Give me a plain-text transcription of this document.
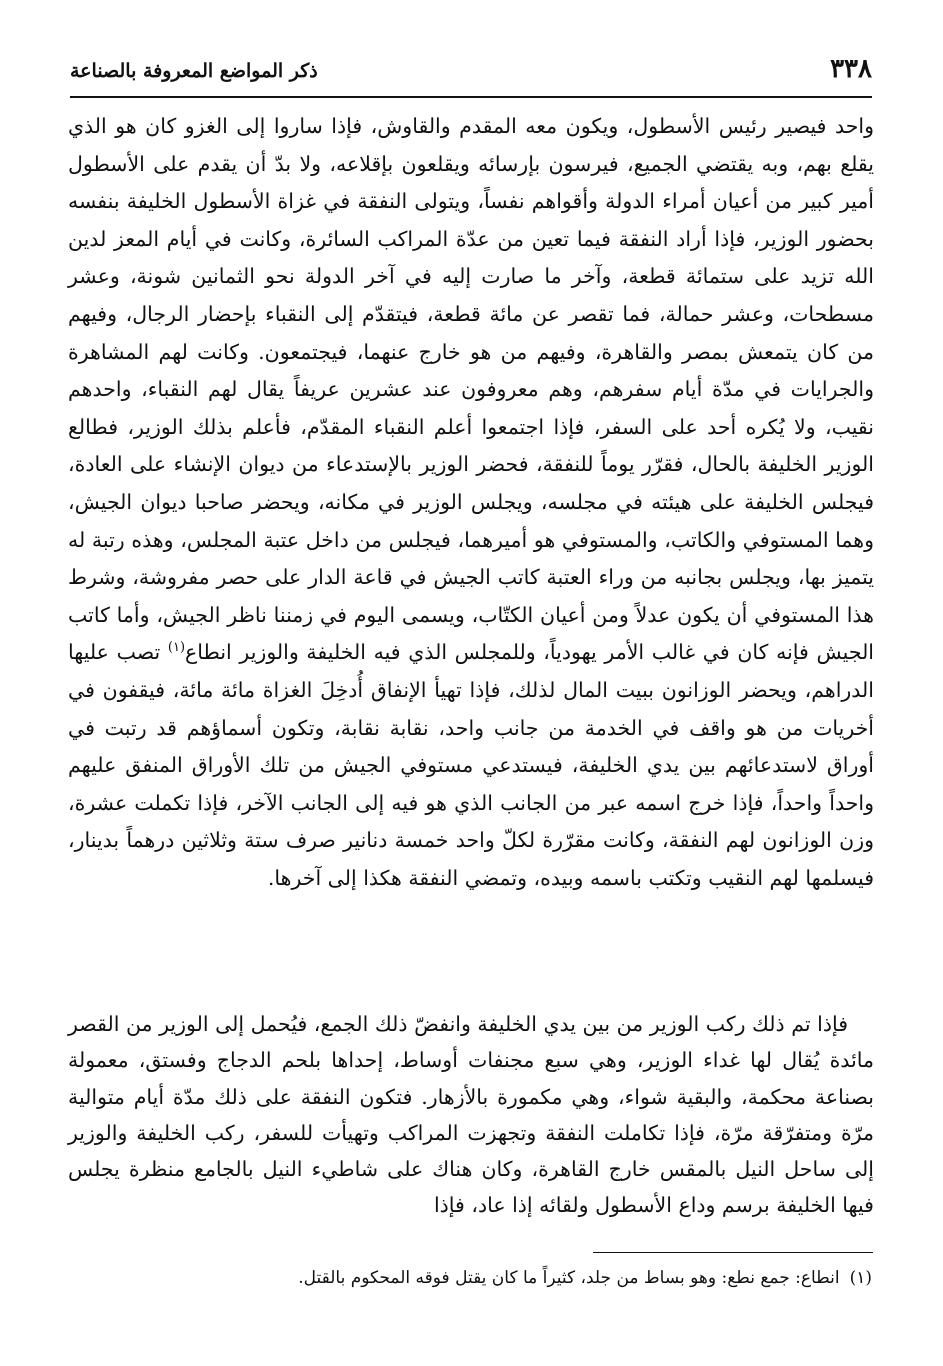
٣٣٨
ذكر المواضع المعروفة بالصناعة

واحد فيصير رئيس الأسطول، ويكون معه المقدم والقاوش، فإذا ساروا إلى الغزو كان هو الذي يقلع بهم، وبه يقتضي الجميع، فيرسون بإرسائه ويقلعون بإقلاعه، ولا بدّ أن يقدم على الأسطول أمير كبير من أعيان أمراء الدولة وأقواهم نفساً، ويتولى النفقة في غزاة الأسطول الخليفة بنفسه بحضور الوزير، فإذا أراد النفقة فيما تعين من عدّة المراكب السائرة، وكانت في أيام المعز لدين الله تزيد على ستمائة قطعة، وآخر ما صارت إليه في آخر الدولة نحو الثمانين شونة، وعشر مسطحات، وعشر حمالة، فما تقصر عن مائة قطعة، فيتقدّم إلى النقباء بإحضار الرجال، وفيهم من كان يتمعش بمصر والقاهرة، وفيهم من هو خارج عنهما، فيجتمعون. وكانت لهم المشاهرة والجرايات في مدّة أيام سفرهم، وهم معروفون عند عشرين عريفاً يقال لهم النقباء، واحدهم نقيب، ولا يُكره أحد على السفر، فإذا اجتمعوا أعلم النقباء المقدّم، فأعلم بذلك الوزير، فطالع الوزير الخليفة بالحال، فقرّر يوماً للنفقة، فحضر الوزير بالإستدعاء من ديوان الإنشاء على العادة، فيجلس الخليفة على هيئته في مجلسه، ويجلس الوزير في مكانه، ويحضر صاحبا ديوان الجيش، وهما المستوفي والكاتب، والمستوفي هو أميرهما، فيجلس من داخل عتبة المجلس، وهذه رتبة له يتميز بها، ويجلس بجانبه من وراء العتبة كاتب الجيش في قاعة الدار على حصر مفروشة، وشرط هذا المستوفي أن يكون عدلاً ومن أعيان الكتّاب، ويسمى اليوم في زمننا ناظر الجيش، وأما كاتب الجيش فإنه كان في غالب الأمر يهودياً، وللمجلس الذي فيه الخليفة والوزير انطاع$^{(١)}$ تصب عليها الدراهم، ويحضر الوزانون ببيت المال لذلك، فإذا تهيأ الإنفاق أُدخِلَ الغزاة مائة مائة، فيقفون في أخريات من هو واقف في الخدمة من جانب واحد، نقابة نقابة، وتكون أسماؤهم قد رتبت في أوراق لاستدعائهم بين يدي الخليفة، فيستدعي مستوفي الجيش من تلك الأوراق المنفق عليهم واحداً واحداً، فإذا خرج اسمه عبر من الجانب الذي هو فيه إلى الجانب الآخر، فإذا تكملت عشرة، وزن الوزانون لهم النفقة، وكانت مقرّرة لكلّ واحد خمسة دنانير صرف ستة وثلاثين درهماً بدينار، فيسلمها لهم النقيب وتكتب باسمه وبيده، وتمضي النفقة هكذا إلى آخرها.

فإذا تم ذلك ركب الوزير من بين يدي الخليفة وانفضّ ذلك الجمع، فيُحمل إلى الوزير من القصر مائدة يُقال لها غداء الوزير، وهي سبع مجنفات أوساط، إحداها بلحم الدجاج وفستق، معمولة بصناعة محكمة، والبقية شواء، وهي مكمورة بالأزهار. فتكون النفقة على ذلك مدّة أيام متوالية مرّة ومتفرّقة مرّة، فإذا تكاملت النفقة وتجهزت المراكب وتهيأت للسفر، ركب الخليفة والوزير إلى ساحل النيل بالمقس خارج القاهرة، وكان هناك على شاطيء النيل بالجامع منظرة يجلس فيها الخليفة برسم وداع الأسطول ولقائه إذا عاد، فإذا

(١)انطاع: جمع نطع: وهو بساط من جلد، كثيراً ما كان يقتل فوقه المحكوم بالقتل.
